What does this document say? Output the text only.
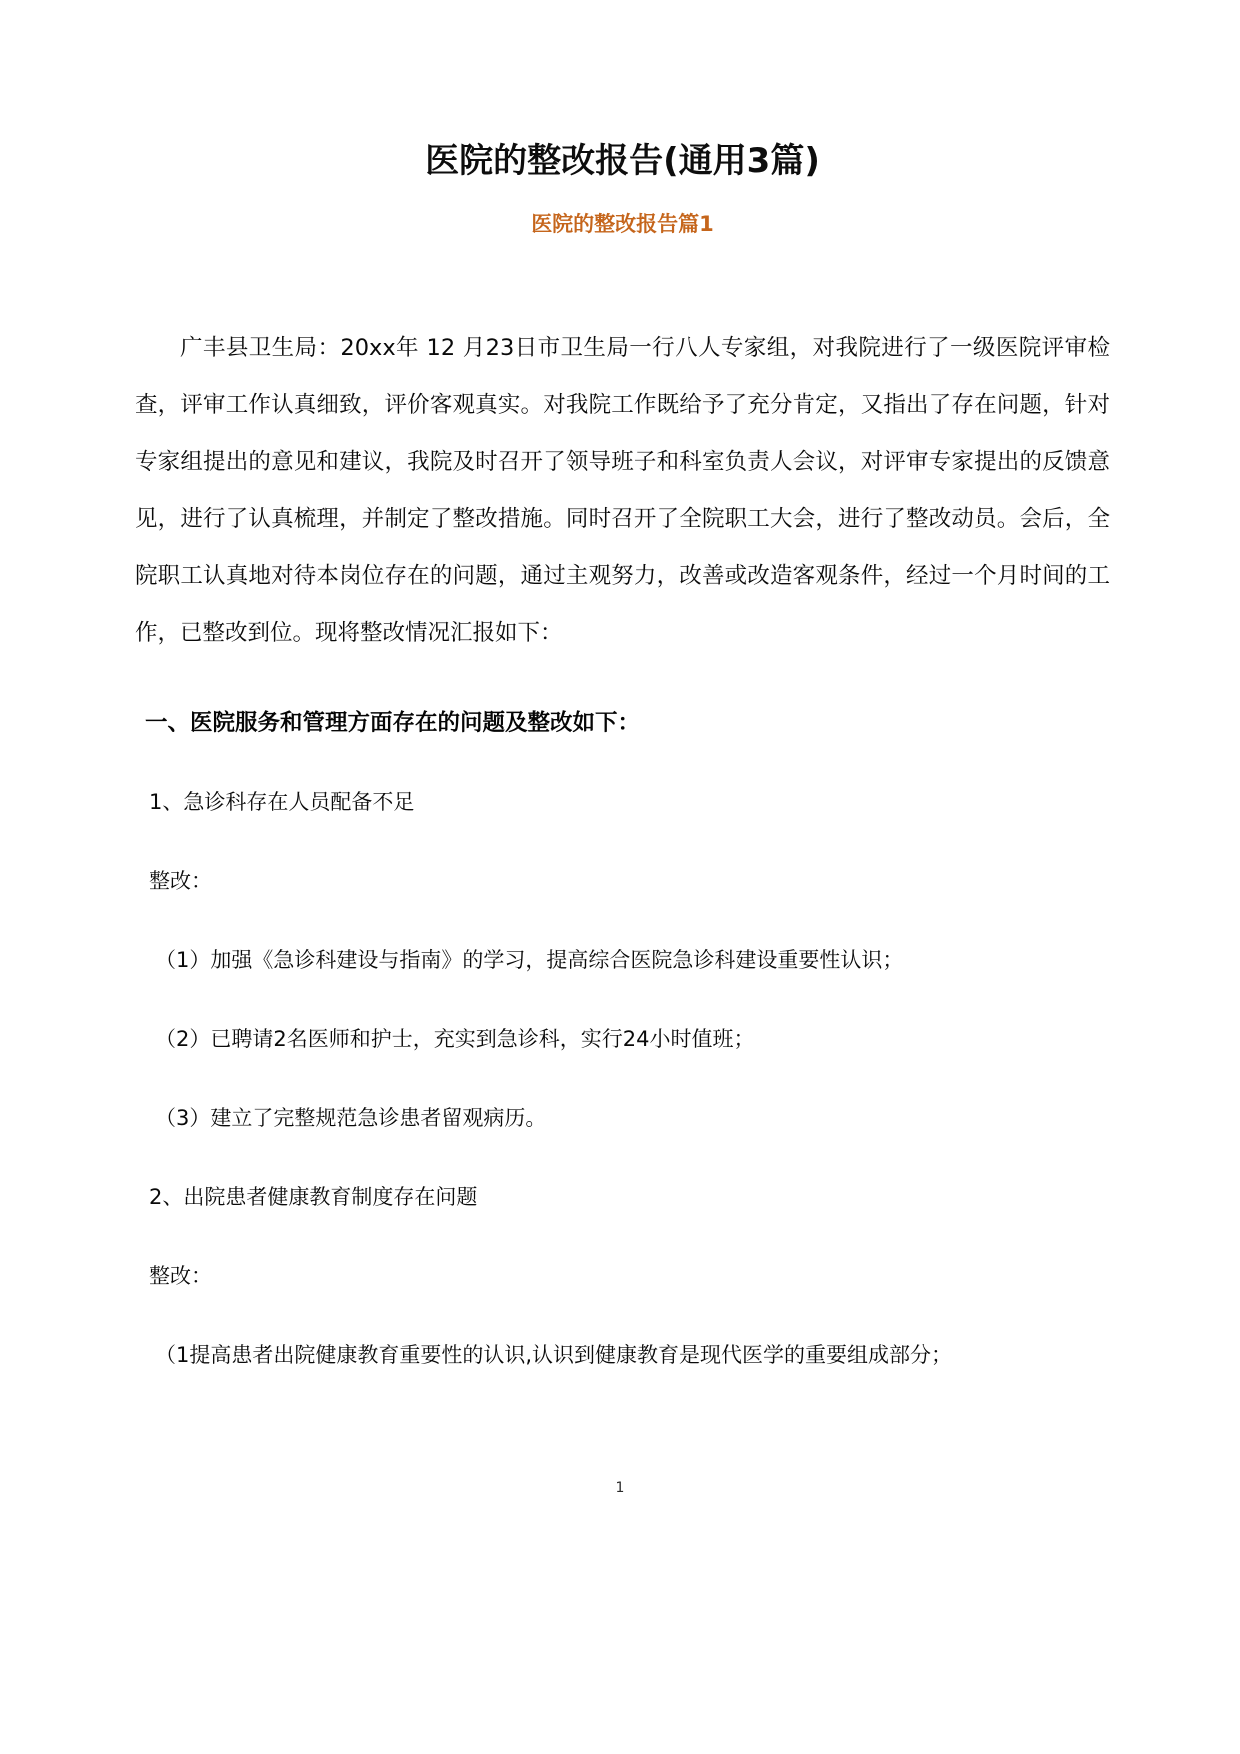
医院的整改报告(通用3篇)
医院的整改报告篇1

广丰县卫生局：20xx年 12 月23日市卫生局一行八人专家组，对我院进行了一级医院评审检查，评审工作认真细致，评价客观真实。对我院工作既给予了充分肯定，又指出了存在问题，针对专家组提出的意见和建议，我院及时召开了领导班子和科室负责人会议，对评审专家提出的反馈意见，进行了认真梳理，并制定了整改措施。同时召开了全院职工大会，进行了整改动员。会后，全院职工认真地对待本岗位存在的问题，通过主观努力，改善或改造客观条件，经过一个月时间的工作，已整改到位。现将整改情况汇报如下：

一、医院服务和管理方面存在的问题及整改如下：

1、急诊科存在人员配备不足

整改：

（1）加强《急诊科建设与指南》的学习，提高综合医院急诊科建设重要性认识；

（2）已聘请2名医师和护士，充实到急诊科，实行24小时值班；

（3）建立了完整规范急诊患者留观病历。

2、出院患者健康教育制度存在问题

整改：

（1提高患者出院健康教育重要性的认识,认识到健康教育是现代医学的重要组成部分；

1
